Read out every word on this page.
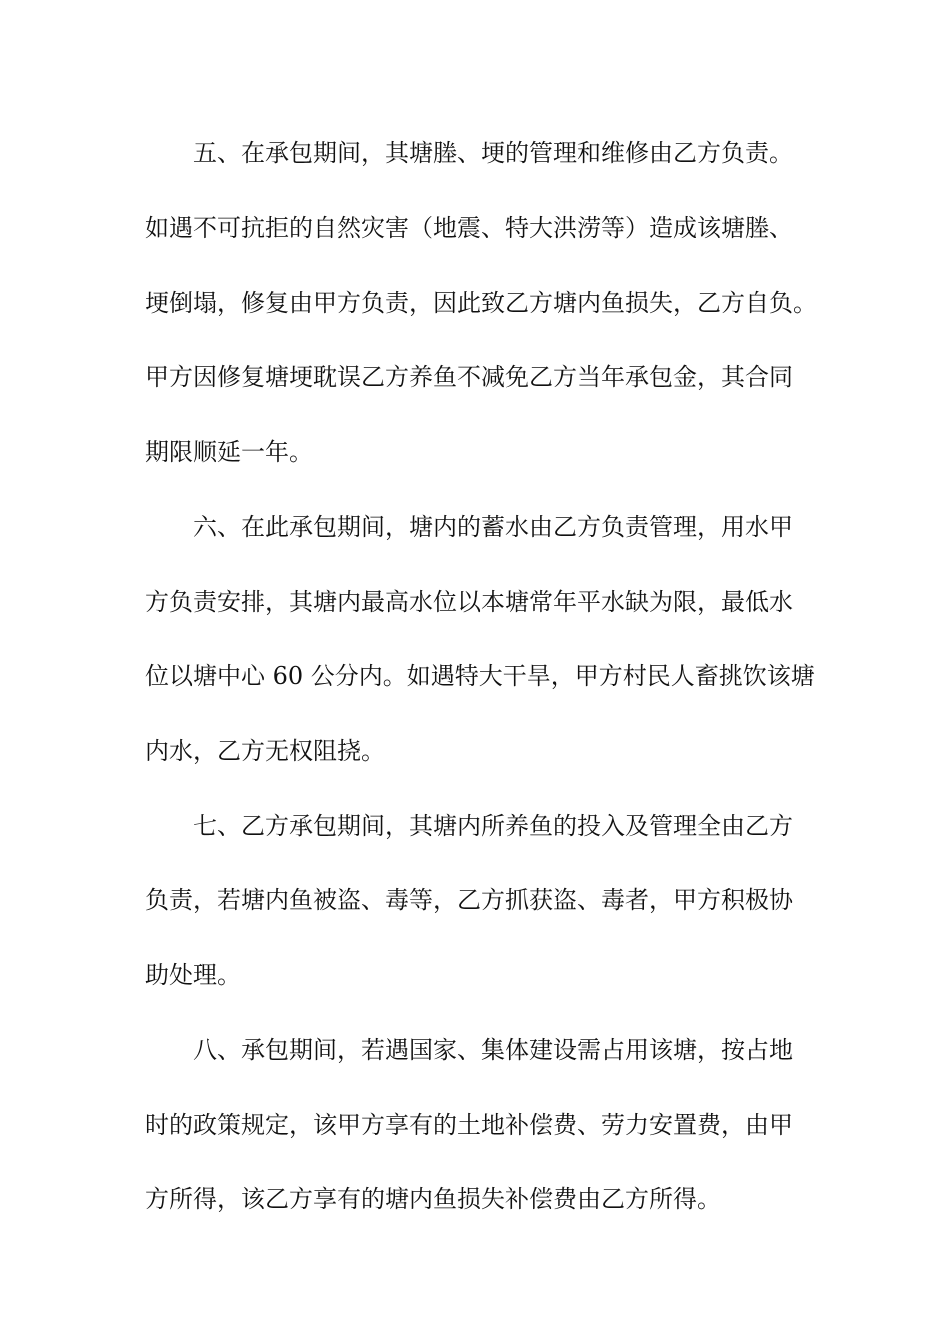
五、在承包期间，其塘塍、埂的管理和维修由乙方负责。
如遇不可抗拒的自然灾害（地震、特大洪涝等）造成该塘塍、
埂倒塌，修复由甲方负责，因此致乙方塘内鱼损失，乙方自负。
甲方因修复塘埂耽误乙方养鱼不减免乙方当年承包金，其合同
期限顺延一年。
六、在此承包期间，塘内的蓄水由乙方负责管理，用水甲
方负责安排，其塘内最高水位以本塘常年平水缺为限，最低水
位以塘中心 60 公分内。如遇特大干旱，甲方村民人畜挑饮该塘
内水，乙方无权阻挠。
七、乙方承包期间，其塘内所养鱼的投入及管理全由乙方
负责，若塘内鱼被盗、毒等，乙方抓获盗、毒者，甲方积极协
助处理。
八、承包期间，若遇国家、集体建设需占用该塘，按占地
时的政策规定，该甲方享有的土地补偿费、劳力安置费，由甲
方所得，该乙方享有的塘内鱼损失补偿费由乙方所得。
